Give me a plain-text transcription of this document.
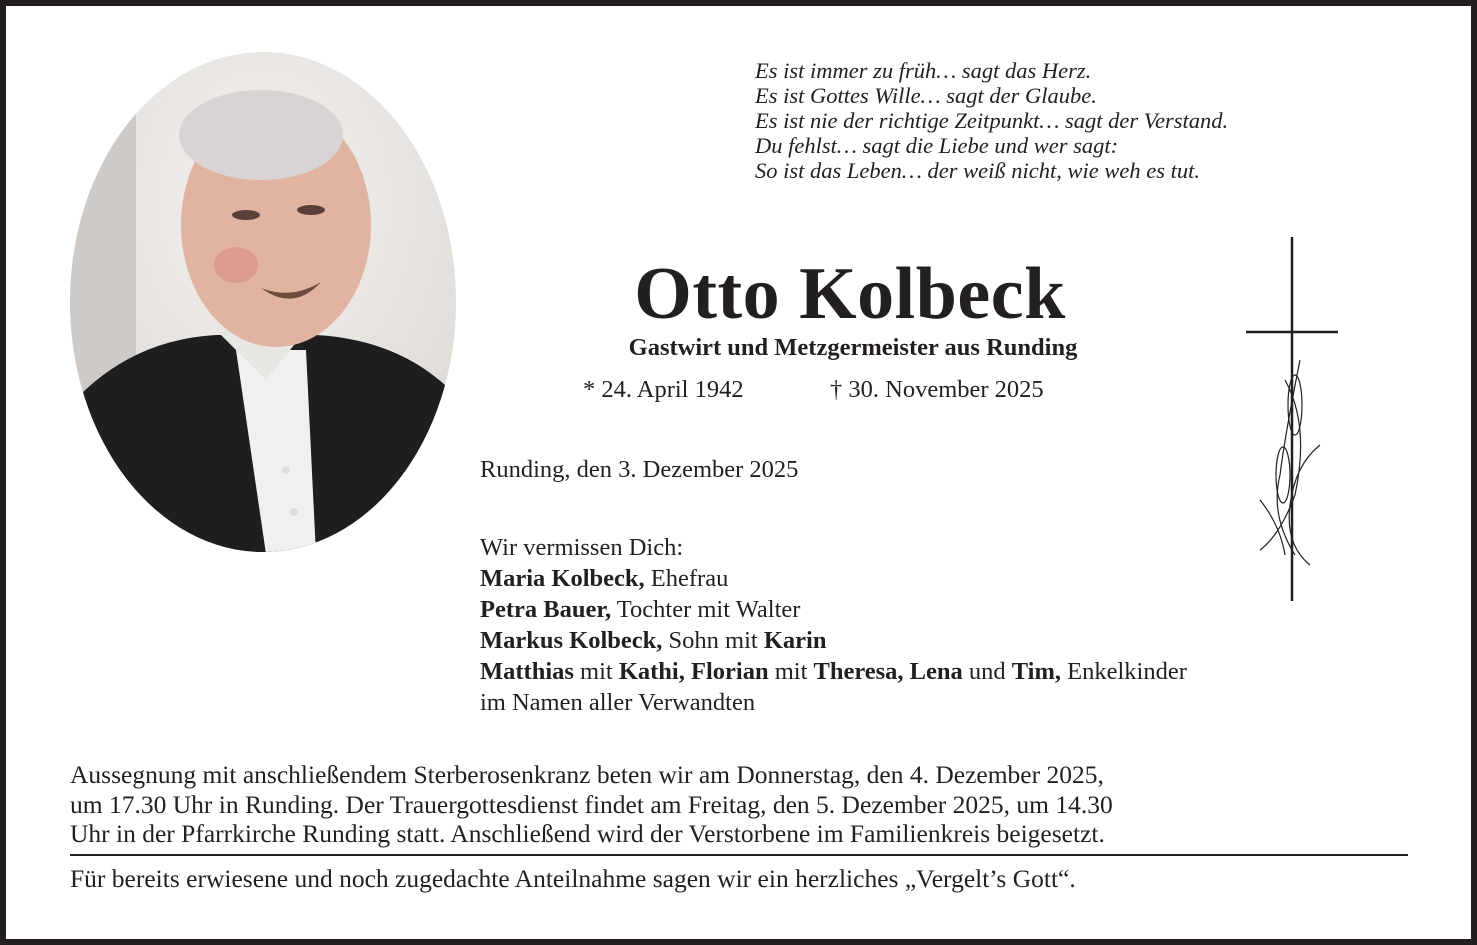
Es ist immer zu früh… sagt das Herz.
Es ist Gottes Wille… sagt der Glaube.
Es ist nie der richtige Zeitpunkt… sagt der Verstand.
Du fehlst… sagt die Liebe und wer sagt:
So ist das Leben… der weiß nicht, wie weh es tut.
Otto Kolbeck
Gastwirt und Metzgermeister aus Runding
* 24. April 1942	† 30. November 2025
Runding, den 3. Dezember 2025
Wir vermissen Dich:
Maria Kolbeck, Ehefrau
Petra Bauer, Tochter mit Walter
Markus Kolbeck, Sohn mit Karin
Matthias mit Kathi, Florian mit Theresa, Lena und Tim, Enkelkinder
im Namen aller Verwandten
Aussegnung mit anschließendem Sterberosenkranz beten wir am Donnerstag, den 4. Dezember 2025,
um 17.30 Uhr in Runding. Der Trauergottesdienst findet am Freitag, den 5. Dezember 2025, um 14.30
Uhr in der Pfarrkirche Runding statt. Anschließend wird der Verstorbene im Familienkreis beigesetzt.
Für bereits erwiesene und noch zugedachte Anteilnahme sagen wir ein herzliches „Vergelt’s Gott“.
